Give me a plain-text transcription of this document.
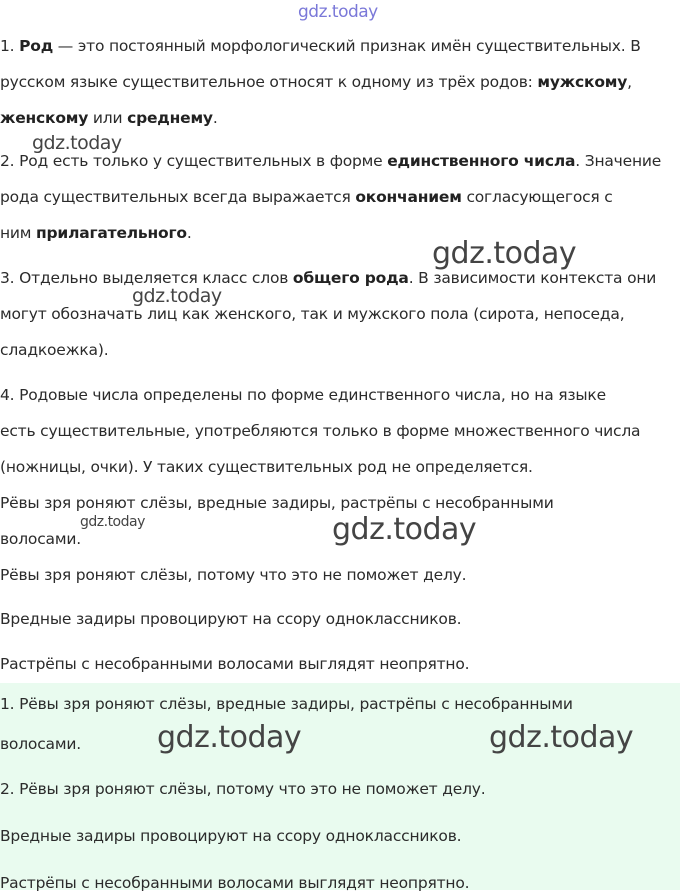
gdz.today

1. Род — это постоянный морфологический признак имён существительных. В
русском языке существительное относят к одному из трёх родов: мужскому,
женскому или среднему.

2. Род есть только у существительных в форме единственного числа. Значение
рода существительных всегда выражается окончанием согласующегося с
ним прилагательного.

3. Отдельно выделяется класс слов общего рода. В зависимости контекста они
могут обозначать лиц как женского, так и мужского пола (сирота, непоседа,
сладкоежка).

4. Родовые числа определены по форме единственного числа, но на языке
есть существительные, употребляются только в форме множественного числа
(ножницы, очки). У таких существительных род не определяется.

Рёвы зря роняют слёзы, вредные задиры, растрёпы с несобранными
волосами.

Рёвы зря роняют слёзы, потому что это не поможет делу.

Вредные задиры провоцируют на ссору одноклассников.

Растрёпы с несобранными волосами выглядят неопрятно.

1. Рёвы зря роняют слёзы, вредные задиры, растрёпы с несобранными
волосами.

2. Рёвы зря роняют слёзы, потому что это не поможет делу.

Вредные задиры провоцируют на ссору одноклассников.

Растрёпы с несобранными волосами выглядят неопрятно.

gdz.today
gdz.today
gdz.today
gdz.today	gdz.today
gdz.today	gdz.today
